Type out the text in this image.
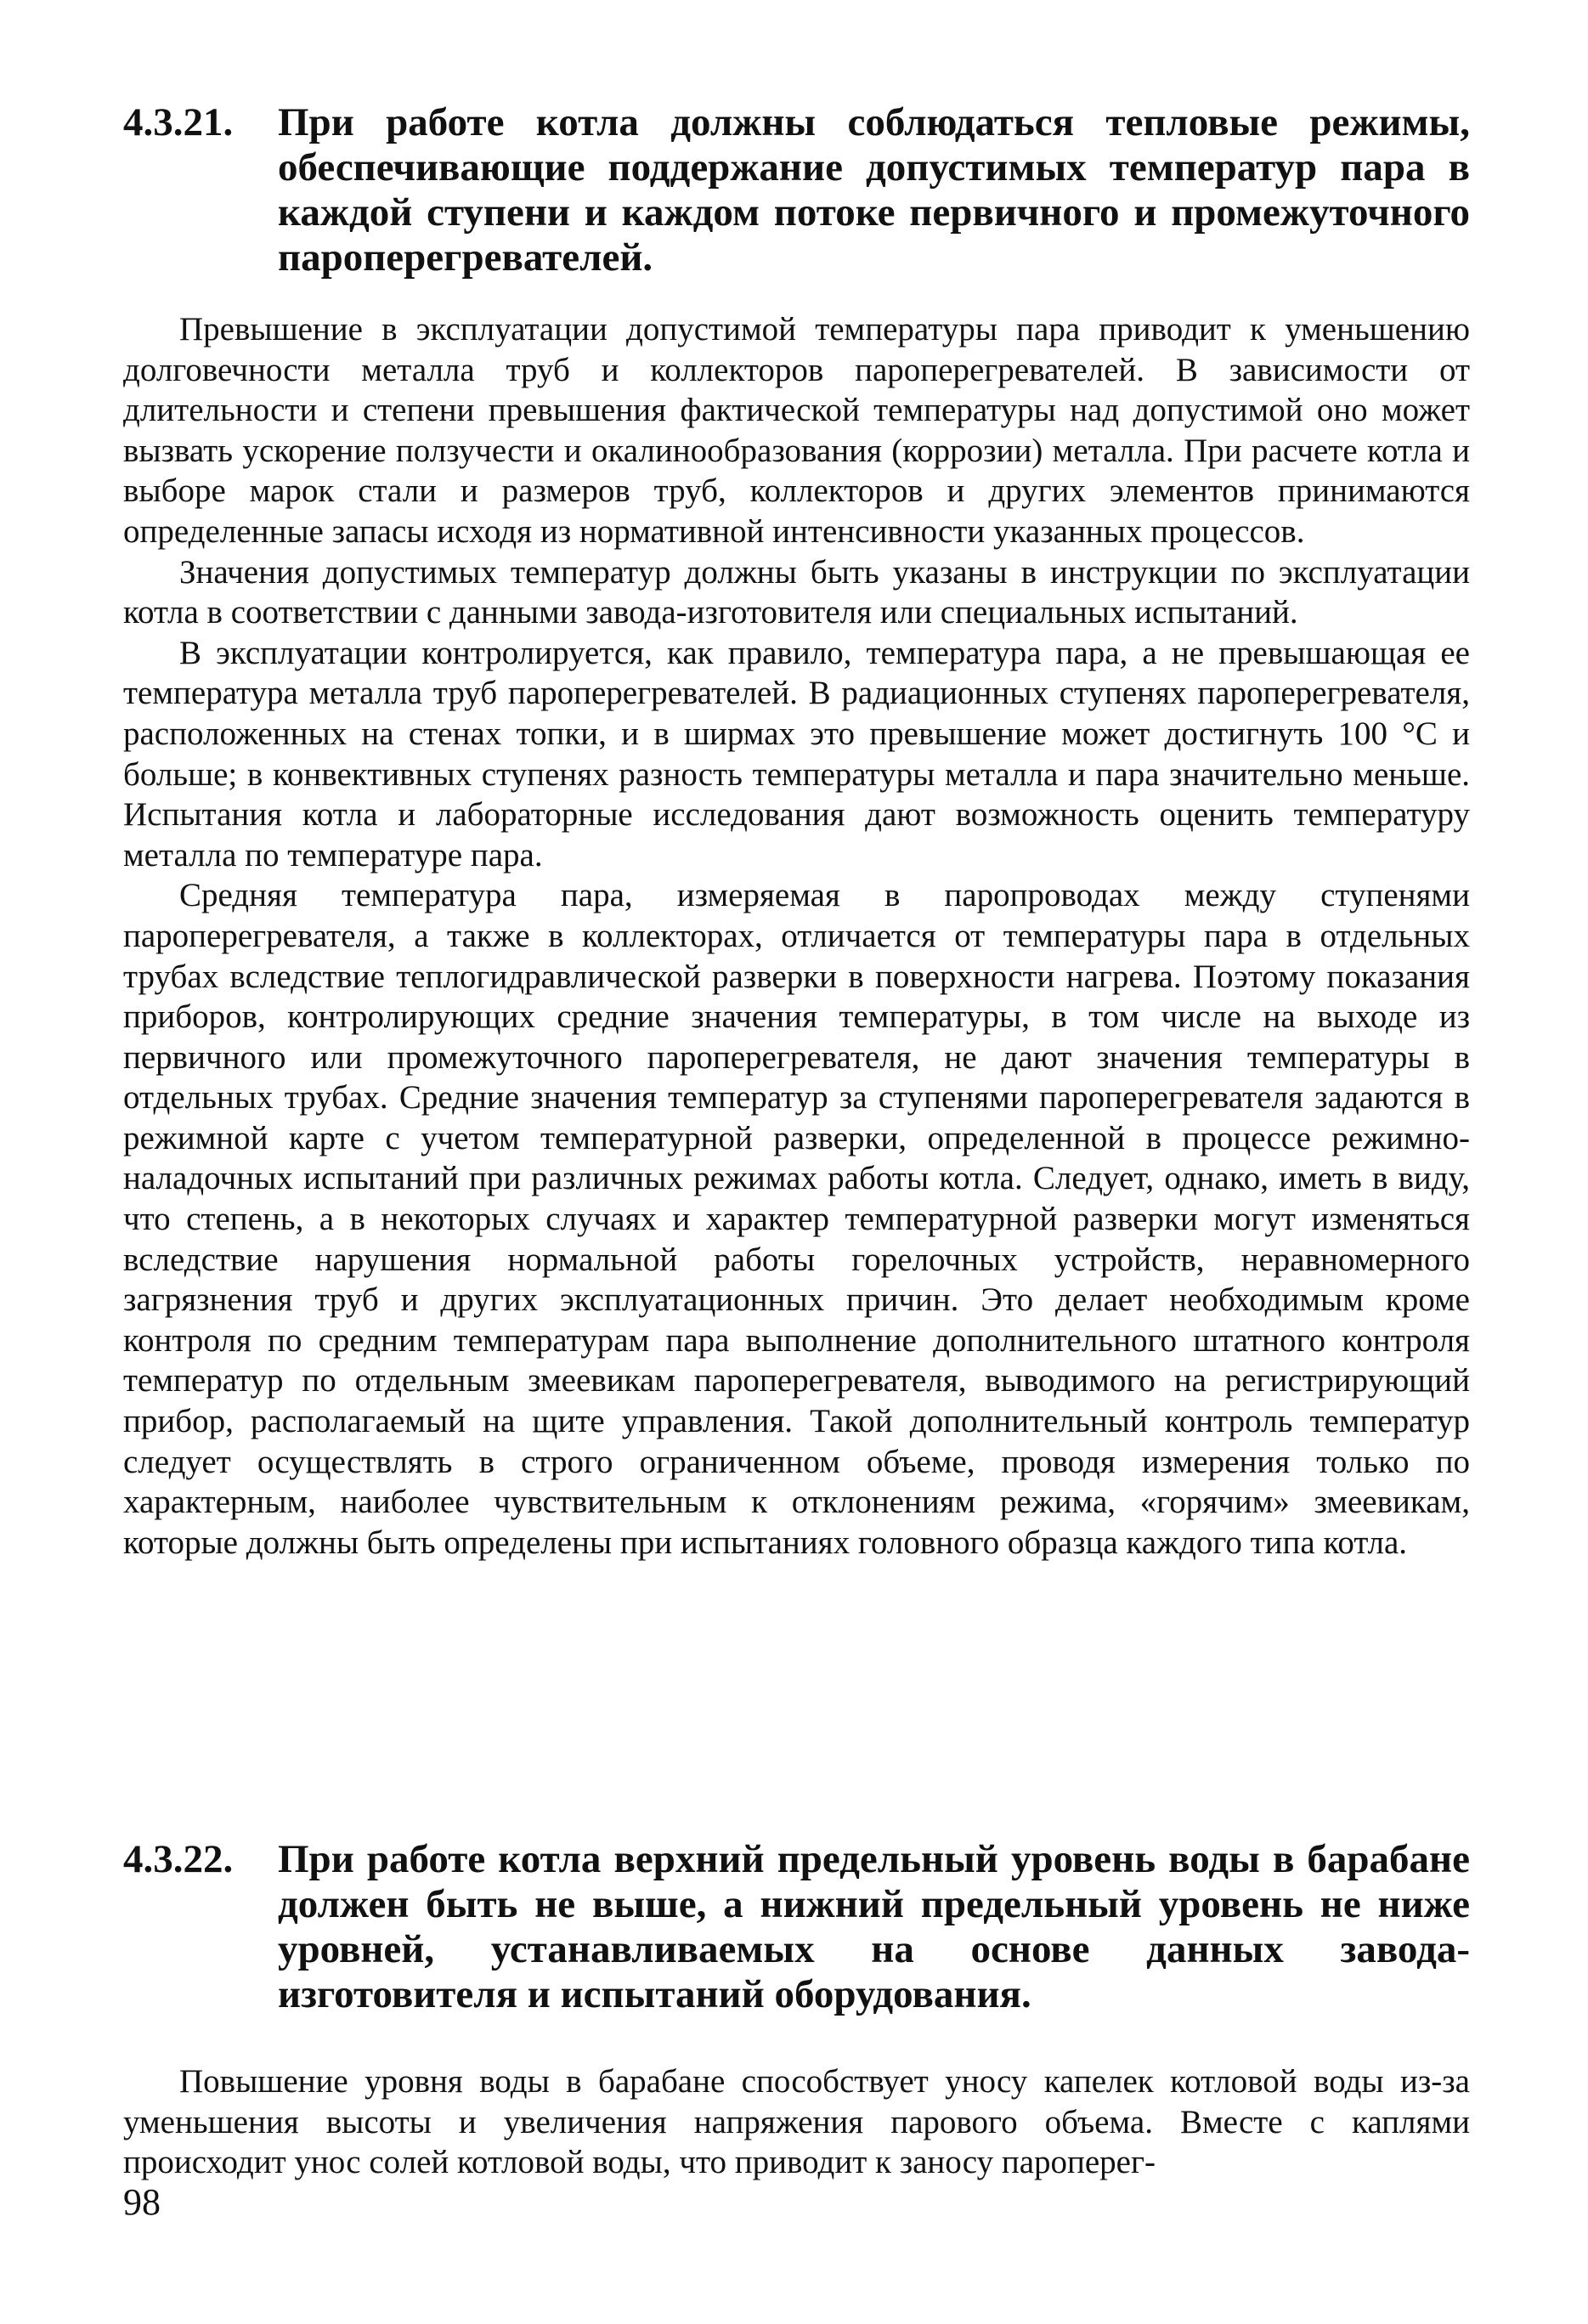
4.3.21.	При работе котла должны соблюдаться тепловые режимы, обеспечивающие поддержание допустимых температур пара в каждой ступени и каждом потоке первичного и промежуточного пароперегревателей.

Превышение в эксплуатации допустимой температуры пара приводит к уменьшению долговечности металла труб и коллекторов пароперегревателей. В зависимости от длительности и степени превышения фактической температуры над допустимой оно может вызвать ускорение ползучести и окалинообразования (коррозии) металла. При расчете котла и выборе марок стали и размеров труб, коллекторов и других элементов принимаются определенные запасы исходя из нормативной интенсивности указанных процессов.

Значения допустимых температур должны быть указаны в инструкции по эксплуатации котла в соответствии с данными завода-изготовителя или специальных испытаний.

В эксплуатации контролируется, как правило, температура пара, а не превышающая ее температура металла труб пароперегревателей. В радиационных ступенях пароперегревателя, расположенных на стенах топки, и в ширмах это превышение может достигнуть 100 °С и больше; в конвективных ступенях разность температуры металла и пара значительно меньше. Испытания котла и лабораторные исследования дают возможность оценить температуру металла по температуре пара.

Средняя температура пара, измеряемая в паропроводах между ступенями пароперегревателя, а также в коллекторах, отличается от температуры пара в отдельных трубах вследствие теплогидравлической разверки в поверхности нагрева. Поэтому показания приборов, контролирующих средние значения температуры, в том числе на выходе из первичного или промежуточного пароперегревателя, не дают значения температуры в отдельных трубах. Средние значения температур за ступенями пароперегревателя задаются в режимной карте с учетом температурной разверки, определенной в процессе режимно-наладочных испытаний при различных режимах работы котла. Следует, однако, иметь в виду, что степень, а в некоторых случаях и характер температурной разверки могут изменяться вследствие нарушения нормальной работы горелочных устройств, неравномерного загрязнения труб и других эксплуатационных причин. Это делает необходимым кроме контроля по средним температурам пара выполнение дополнительного штатного контроля температур по отдельным змеевикам пароперегревателя, выводимого на регистрирующий прибор, располагаемый на щите управления. Такой дополнительный контроль температур следует осуществлять в строго ограниченном объеме, проводя измерения только по характерным, наиболее чувствительным к отклонениям режима, «горячим» змеевикам, которые должны быть определены при испытаниях головного образца каждого типа котла.

4.3.22.	При работе котла верхний предельный уровень воды в барабане должен быть не выше, а нижний предельный уровень не ниже уровней, устанавливаемых на основе данных завода-изготовителя и испытаний оборудования.

Повышение уровня воды в барабане способствует уносу капелек котловой воды из-за уменьшения высоты и увеличения напряжения парового объема. Вместе с каплями происходит унос солей котловой воды, что приводит к заносу пароперег-

98
